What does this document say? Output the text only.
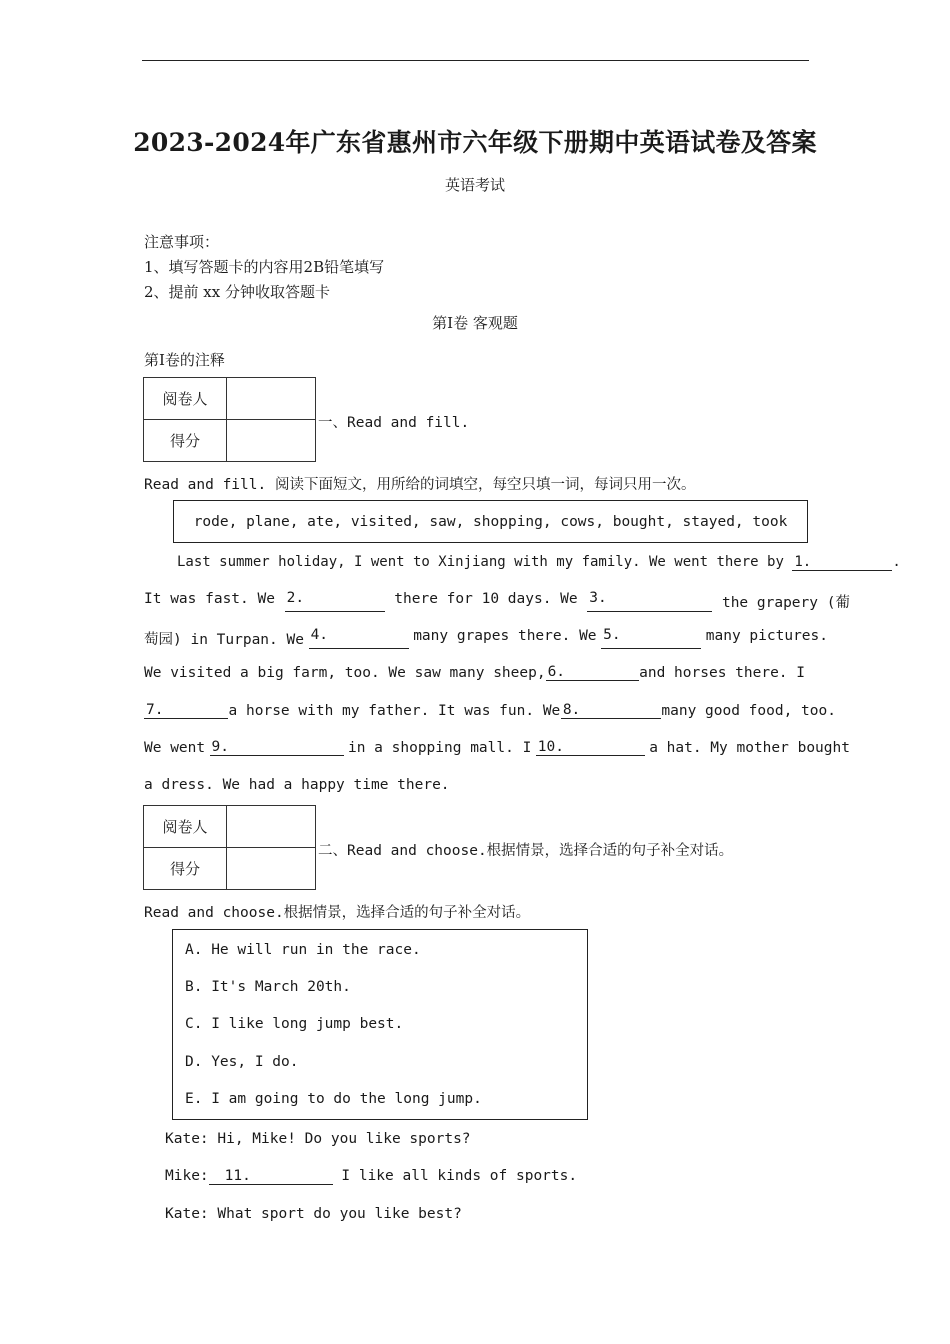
2023-2024年广东省惠州市六年级下册期中英语试卷及答案
英语考试
注意事项：
1、填写答题卡的内容用2B铅笔填写
2、提前 xx 分钟收取答题卡
第I卷 客观题
第I卷的注释
阅卷人	
得分	
一、Read and fill.
Read and fill. 阅读下面短文，用所给的词填空，每空只填一词，每词只用一次。
rode, plane, ate, visited, saw, shopping, cows, bought, stayed, took
Last summer holiday, I went to Xinjiang with my family. We went there by 1.	.
It was fast. We 2.	there for 10 days. We 3.	the grapery (葡
萄园) in Turpan. We 4.	many grapes there. We 5.	many pictures.
We visited a big farm, too. We saw many sheep, 6.	and horses there. I
7.	a horse with my father. It was fun. We 8.	many good food, too.
We went 9.	in a shopping mall. I 10.	a hat. My mother bought
a dress. We had a happy time there.
阅卷人	
得分	
二、Read and choose.根据情景，选择合适的句子补全对话。
Read and choose.根据情景，选择合适的句子补全对话。
A. He will run in the race.
B. It's March 20th.
C. I like long jump best.
D. Yes, I do.
E. I am going to do the long jump.
Kate: Hi, Mike! Do you like sports?
Mike: 11.	I like all kinds of sports.
Kate: What sport do you like best?
